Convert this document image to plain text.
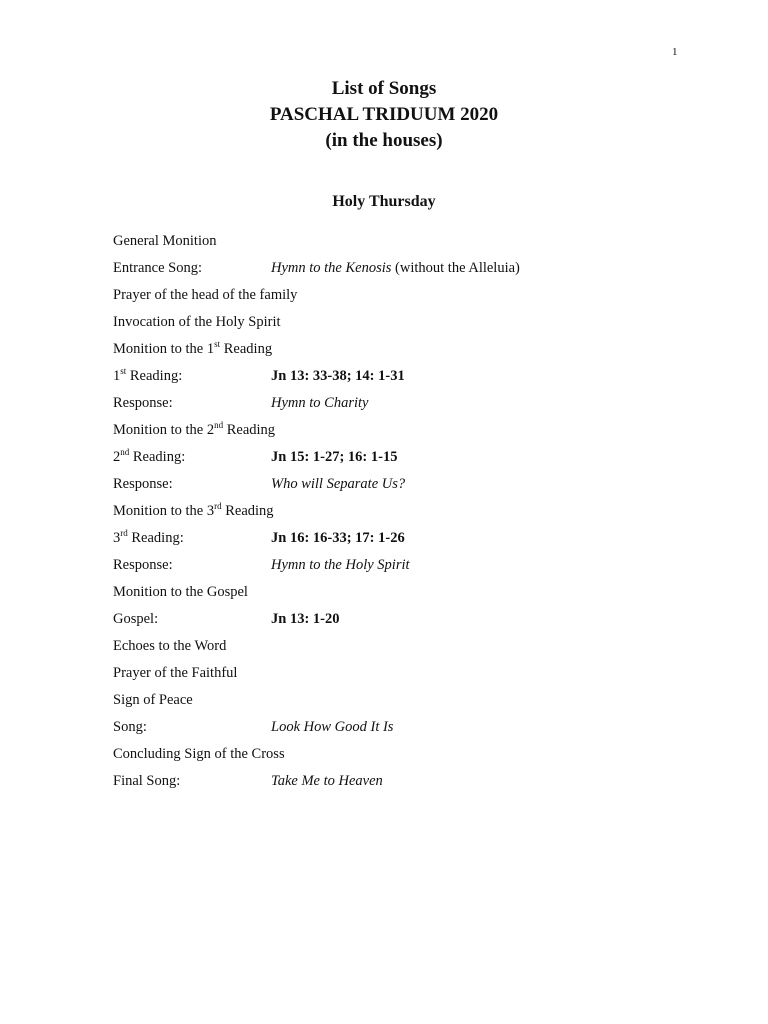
1
List of Songs
PASCHAL TRIDUUM 2020
(in the houses)
Holy Thursday
General Monition
Entrance Song:	Hymn to the Kenosis (without the Alleluia)
Prayer of the head of the family
Invocation of the Holy Spirit
Monition to the 1st Reading
1st Reading:	Jn 13: 33-38; 14: 1-31
Response:	Hymn to Charity
Monition to the 2nd Reading
2nd Reading:	Jn 15: 1-27; 16: 1-15
Response:	Who will Separate Us?
Monition to the 3rd Reading
3rd Reading:	Jn 16: 16-33; 17: 1-26
Response:	Hymn to the Holy Spirit
Monition to the Gospel
Gospel:	Jn 13: 1-20
Echoes to the Word
Prayer of the Faithful
Sign of Peace
Song:	Look How Good It Is
Concluding Sign of the Cross
Final Song:	Take Me to Heaven
